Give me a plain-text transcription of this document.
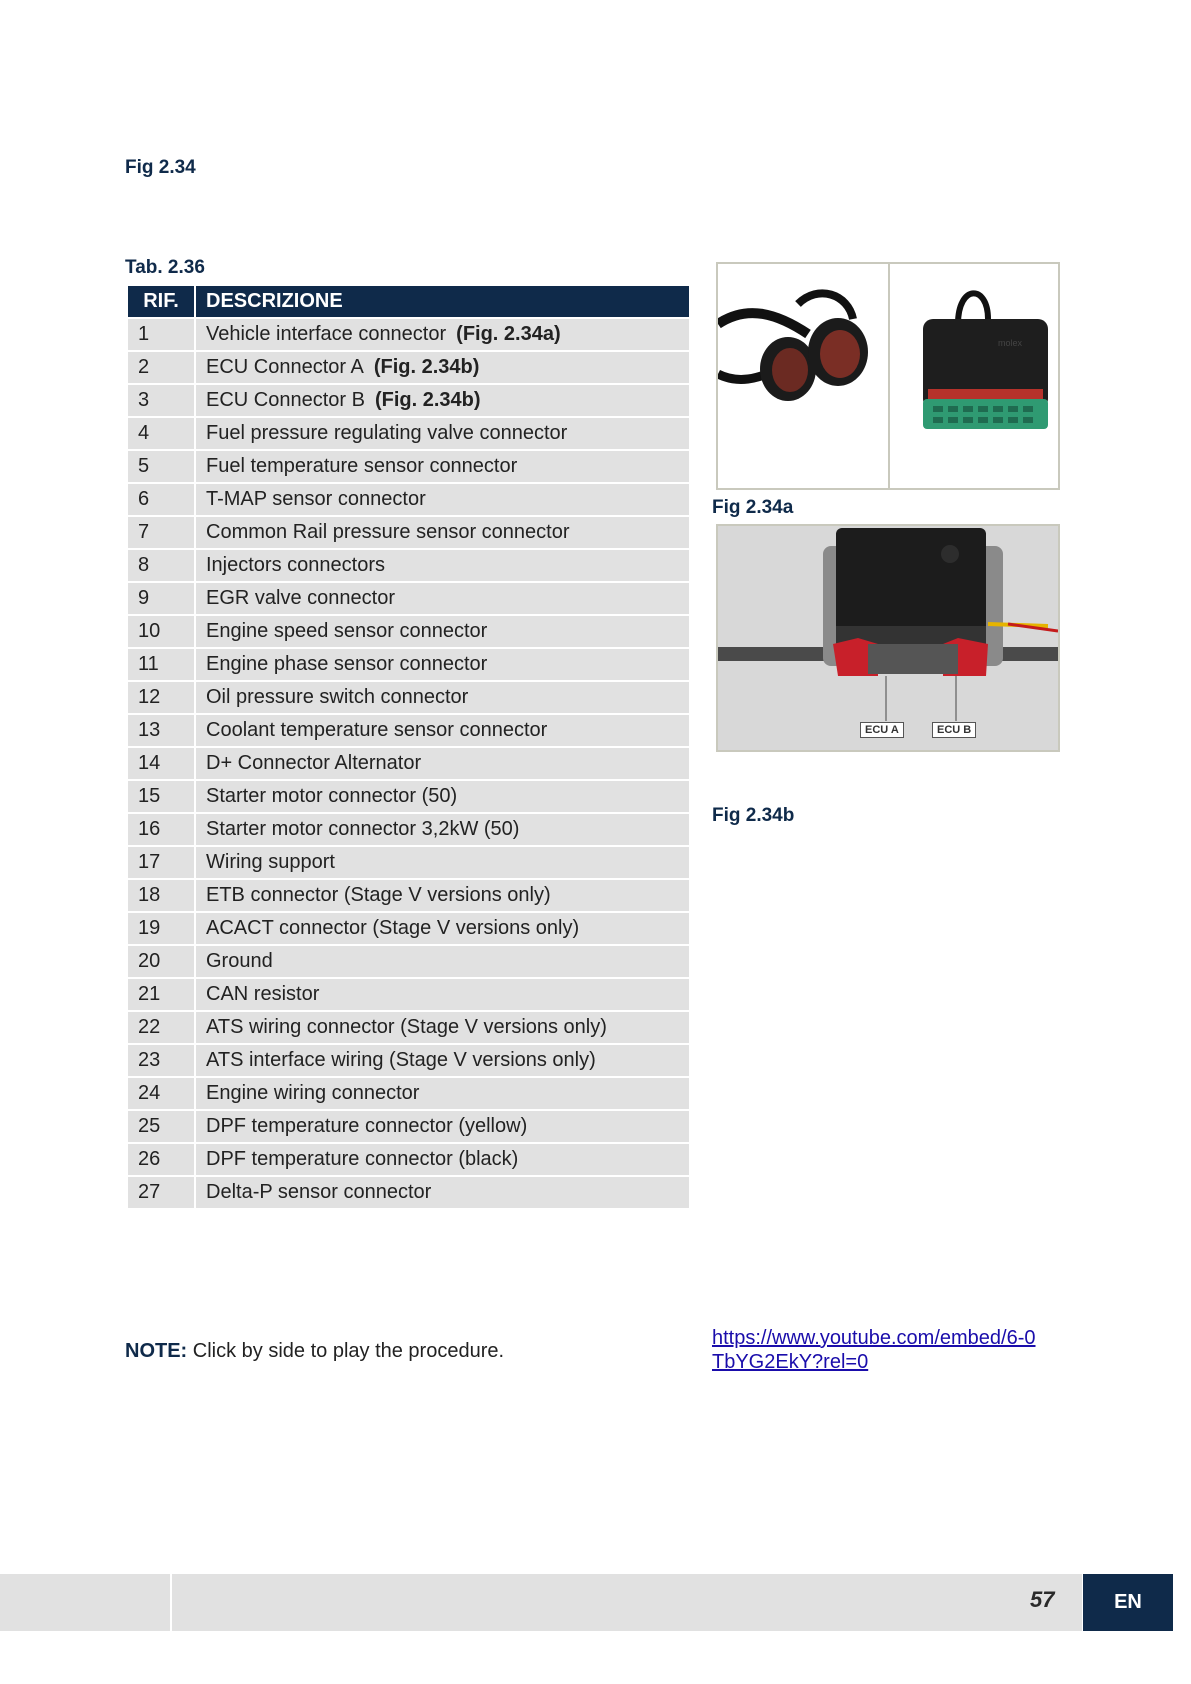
Fig 2.34
Tab. 2.36
RIF.	DESCRIZIONE
1	Vehicle interface connector (Fig. 2.34a)
2	ECU Connector A (Fig. 2.34b)
3	ECU Connector B (Fig. 2.34b)
4	Fuel pressure regulating valve connector
5	Fuel temperature sensor connector
6	T-MAP sensor connector
7	Common Rail pressure sensor connector
8	Injectors connectors
9	EGR valve connector
10	Engine speed sensor connector
11	Engine phase sensor connector
12	Oil pressure switch connector
13	Coolant temperature sensor connector
14	D+ Connector Alternator
15	Starter motor connector (50)
16	Starter motor connector 3,2kW (50)
17	Wiring support
18	ETB connector (Stage V versions only)
19	ACACT connector (Stage V versions only)
20	Ground
21	CAN resistor
22	ATS wiring connector (Stage V versions only)
23	ATS interface wiring (Stage V versions only)
24	Engine wiring connector
25	DPF temperature connector (yellow)
26	DPF temperature connector (black)
27	Delta-P sensor connector
molex
Fig 2.34a
ECU A	ECU B
Fig 2.34b
NOTE: Click by side to play the procedure.
https://www.youtube.com/embed/6-0TbYG2EkY?rel=0
57	EN
